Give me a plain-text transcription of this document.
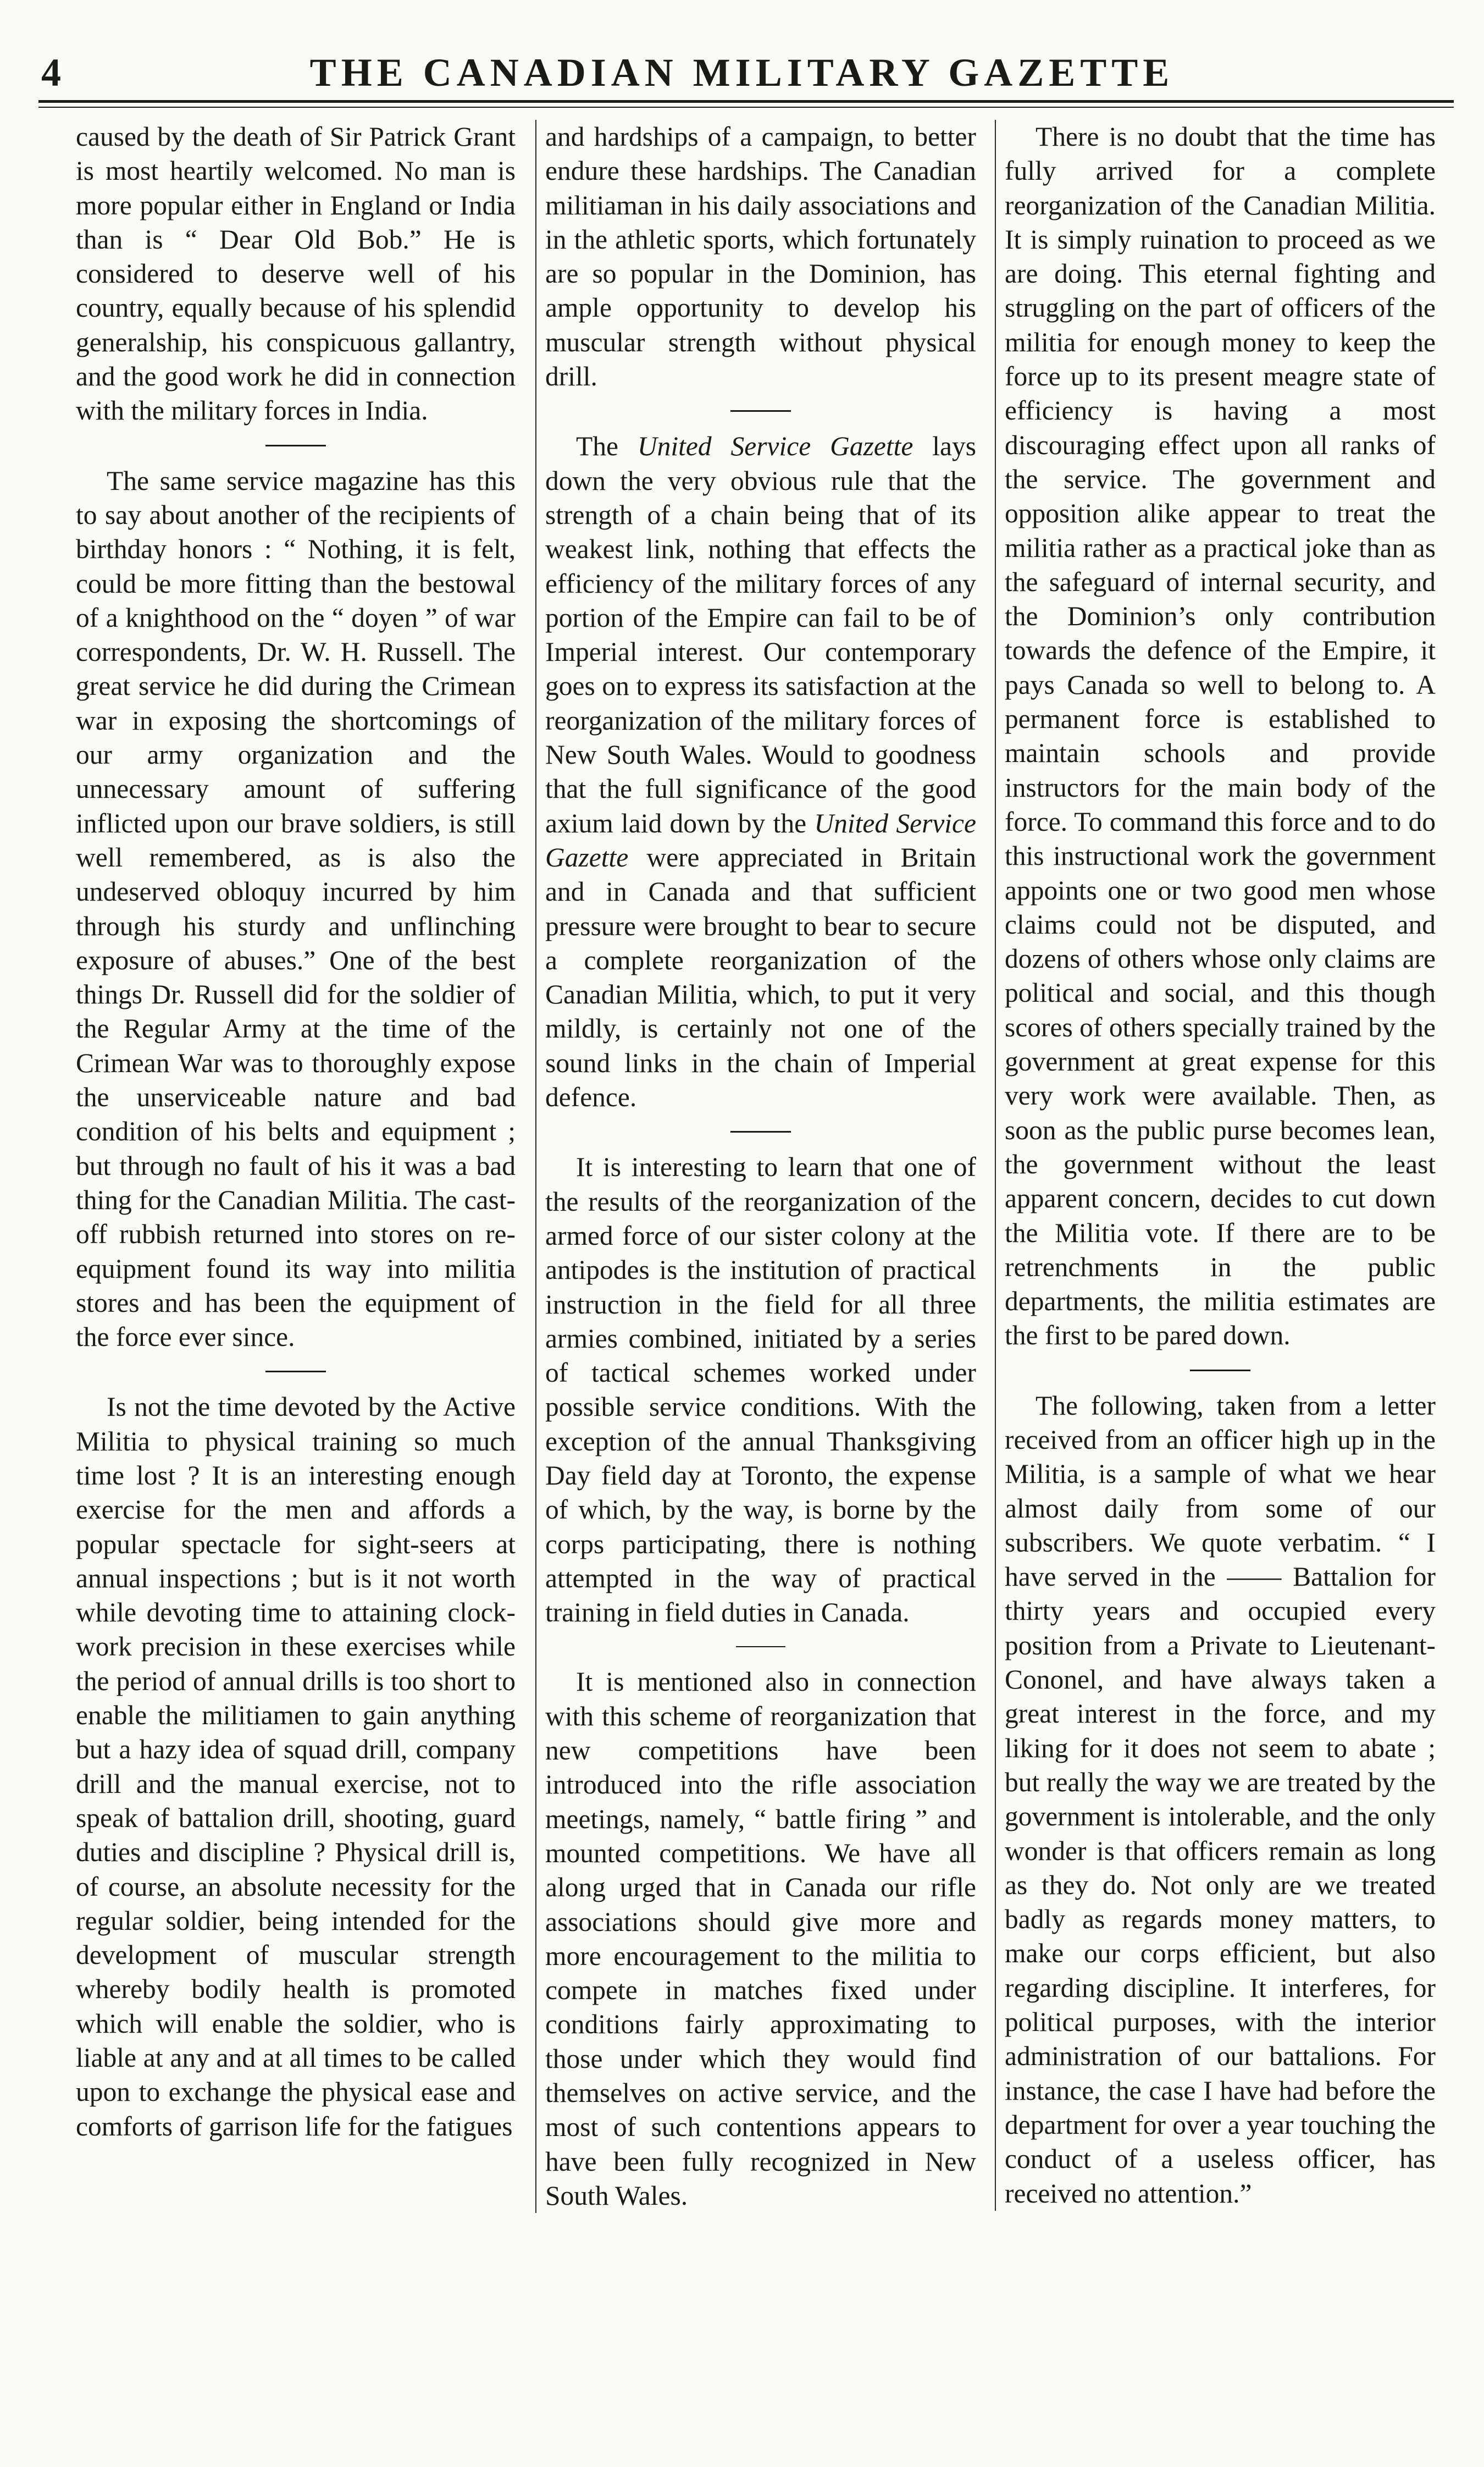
4	THE CANADIAN MILITARY GAZETTE

caused by the death of Sir Patrick Grant is most heartily welcomed. No man is more popular either in England or India than is “ Dear Old Bob.” He is considered to deserve well of his country, equally because of his splendid generalship, his conspicuous gallantry, and the good work he did in connection with the military forces in India.

The same service magazine has this to say about another of the recipients of birthday honors : “ Nothing, it is felt, could be more fitting than the bestowal of a knighthood on the “ doyen ” of war correspondents, Dr. W. H. Russell. The great service he did during the Crimean war in exposing the shortcomings of our army organization and the unnecessary amount of suffering inflicted upon our brave soldiers, is still well remembered, as is also the undeserved obloquy incurred by him through his sturdy and unflinching exposure of abuses.” One of the best things Dr. Russell did for the soldier of the Regular Army at the time of the Crimean War was to thoroughly expose the unserviceable nature and bad condition of his belts and equipment ; but through no fault of his it was a bad thing for the Canadian Militia. The cast-off rubbish returned into stores on re-equipment found its way into militia stores and has been the equipment of the force ever since.

Is not the time devoted by the Active Militia to physical training so much time lost ? It is an interesting enough exercise for the men and affords a popular spectacle for sight-seers at annual inspections ; but is it not worth while devoting time to attaining clock-work precision in these exercises while the period of annual drills is too short to enable the militiamen to gain anything but a hazy idea of squad drill, company drill and the manual exercise, not to speak of battalion drill, shooting, guard duties and discipline ? Physical drill is, of course, an absolute necessity for the regular soldier, being intended for the development of muscular strength whereby bodily health is promoted which will enable the soldier, who is liable at any and at all times to be called upon to exchange the physical ease and comforts of garrison life for the fatigues

and hardships of a campaign, to better endure these hardships. The Canadian militiaman in his daily associations and in the athletic sports, which fortunately are so popular in the Dominion, has ample opportunity to develop his muscular strength without physical drill.

The United Service Gazette lays down the very obvious rule that the strength of a chain being that of its weakest link, nothing that effects the efficiency of the military forces of any portion of the Empire can fail to be of Imperial interest. Our contemporary goes on to express its satisfaction at the reorganization of the military forces of New South Wales. Would to goodness that the full significance of the good axium laid down by the United Service Gazette were appreciated in Britain and in Canada and that sufficient pressure were brought to bear to secure a complete reorganization of the Canadian Militia, which, to put it very mildly, is certainly not one of the sound links in the chain of Imperial defence.

It is interesting to learn that one of the results of the reorganization of the armed force of our sister colony at the antipodes is the institution of practical instruction in the field for all three armies combined, initiated by a series of tactical schemes worked under possible service conditions. With the exception of the annual Thanksgiving Day field day at Toronto, the expense of which, by the way, is borne by the corps participating, there is nothing attempted in the way of practical training in field duties in Canada.

It is mentioned also in connection with this scheme of reorganization that new competitions have been introduced into the rifle association meetings, namely, “ battle firing ” and mounted competitions. We have all along urged that in Canada our rifle associations should give more and more encouragement to the militia to compete in matches fixed under conditions fairly approximating to those under which they would find themselves on active service, and the most of such contentions appears to have been fully recognized in New South Wales.

There is no doubt that the time has fully arrived for a complete reorganization of the Canadian Militia. It is simply ruination to proceed as we are doing. This eternal fighting and struggling on the part of officers of the militia for enough money to keep the force up to its present meagre state of efficiency is having a most discouraging effect upon all ranks of the service. The government and opposition alike appear to treat the militia rather as a practical joke than as the safeguard of internal security, and the Dominion’s only contribution towards the defence of the Empire, it pays Canada so well to belong to. A permanent force is established to maintain schools and provide instructors for the main body of the force. To command this force and to do this instructional work the government appoints one or two good men whose claims could not be disputed, and dozens of others whose only claims are political and social, and this though scores of others specially trained by the government at great expense for this very work were available. Then, as soon as the public purse becomes lean, the government without the least apparent concern, decides to cut down the Militia vote. If there are to be retrenchments in the public departments, the militia estimates are the first to be pared down.

The following, taken from a letter received from an officer high up in the Militia, is a sample of what we hear almost daily from some of our subscribers. We quote verbatim. “ I have served in the —— Battalion for thirty years and occupied every position from a Private to Lieutenant-Cononel, and have always taken a great interest in the force, and my liking for it does not seem to abate ; but really the way we are treated by the government is intolerable, and the only wonder is that officers remain as long as they do. Not only are we treated badly as regards money matters, to make our corps efficient, but also regarding discipline. It interferes, for political purposes, with the interior administration of our battalions. For instance, the case I have had before the department for over a year touching the conduct of a useless officer, has received no attention.”
